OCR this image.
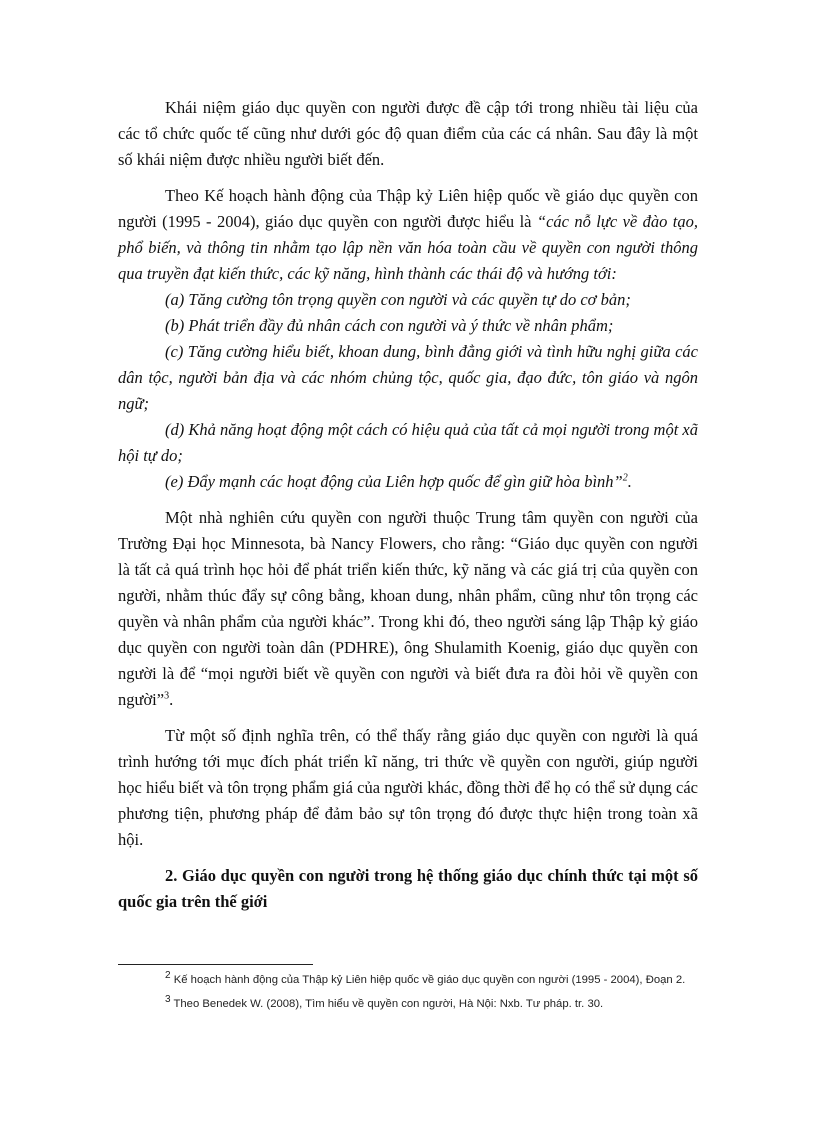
Khái niệm giáo dục quyền con người được đề cập tới trong nhiều tài liệu của các tổ chức quốc tế cũng như dưới góc độ quan điểm của các cá nhân. Sau đây là một số khái niệm được nhiều người biết đến.

Theo Kế hoạch hành động của Thập kỷ Liên hiệp quốc về giáo dục quyền con người (1995 - 2004), giáo dục quyền con người được hiểu là “các nỗ lực về đào tạo, phổ biến, và thông tin nhằm tạo lập nền văn hóa toàn cầu về quyền con người thông qua truyền đạt kiến thức, các kỹ năng, hình thành các thái độ và hướng tới:

(a) Tăng cường tôn trọng quyền con người và các quyền tự do cơ bản;

(b) Phát triển đầy đủ nhân cách con người và ý thức về nhân phẩm;

(c) Tăng cường hiểu biết, khoan dung, bình đẳng giới và tình hữu nghị giữa các dân tộc, người bản địa và các nhóm chủng tộc, quốc gia, đạo đức, tôn giáo và ngôn ngữ;

(d) Khả năng hoạt động một cách có hiệu quả của tất cả mọi người trong một xã hội tự do;

(e) Đẩy mạnh các hoạt động của Liên hợp quốc để gìn giữ hòa bình”$^2$.

Một nhà nghiên cứu quyền con người thuộc Trung tâm quyền con người của Trường Đại học Minnesota, bà Nancy Flowers, cho rằng: “Giáo dục quyền con người là tất cả quá trình học hỏi để phát triển kiến thức, kỹ năng và các giá trị của quyền con người, nhằm thúc đẩy sự công bằng, khoan dung, nhân phẩm, cũng như tôn trọng các quyền và nhân phẩm của người khác”. Trong khi đó, theo người sáng lập Thập kỷ giáo dục quyền con người toàn dân (PDHRE), ông Shulamith Koenig, giáo dục quyền con người là để “mọi người biết về quyền con người và biết đưa ra đòi hỏi về quyền con người”$^3$.

Từ một số định nghĩa trên, có thể thấy rằng giáo dục quyền con người là quá trình hướng tới mục đích phát triển kĩ năng, tri thức về quyền con người, giúp người học hiểu biết và tôn trọng phẩm giá của người khác, đồng thời để họ có thể sử dụng các phương tiện, phương pháp để đảm bảo sự tôn trọng đó được thực hiện trong toàn xã hội.

2. Giáo dục quyền con người trong hệ thống giáo dục chính thức tại một số quốc gia trên thế giới

$^2$ Kế hoạch hành động của Thập kỷ Liên hiệp quốc về giáo dục quyền con người (1995 - 2004), Đoạn 2.

$^3$ Theo Benedek W. (2008), Tìm hiểu về quyền con người, Hà Nội: Nxb. Tư pháp. tr. 30.
